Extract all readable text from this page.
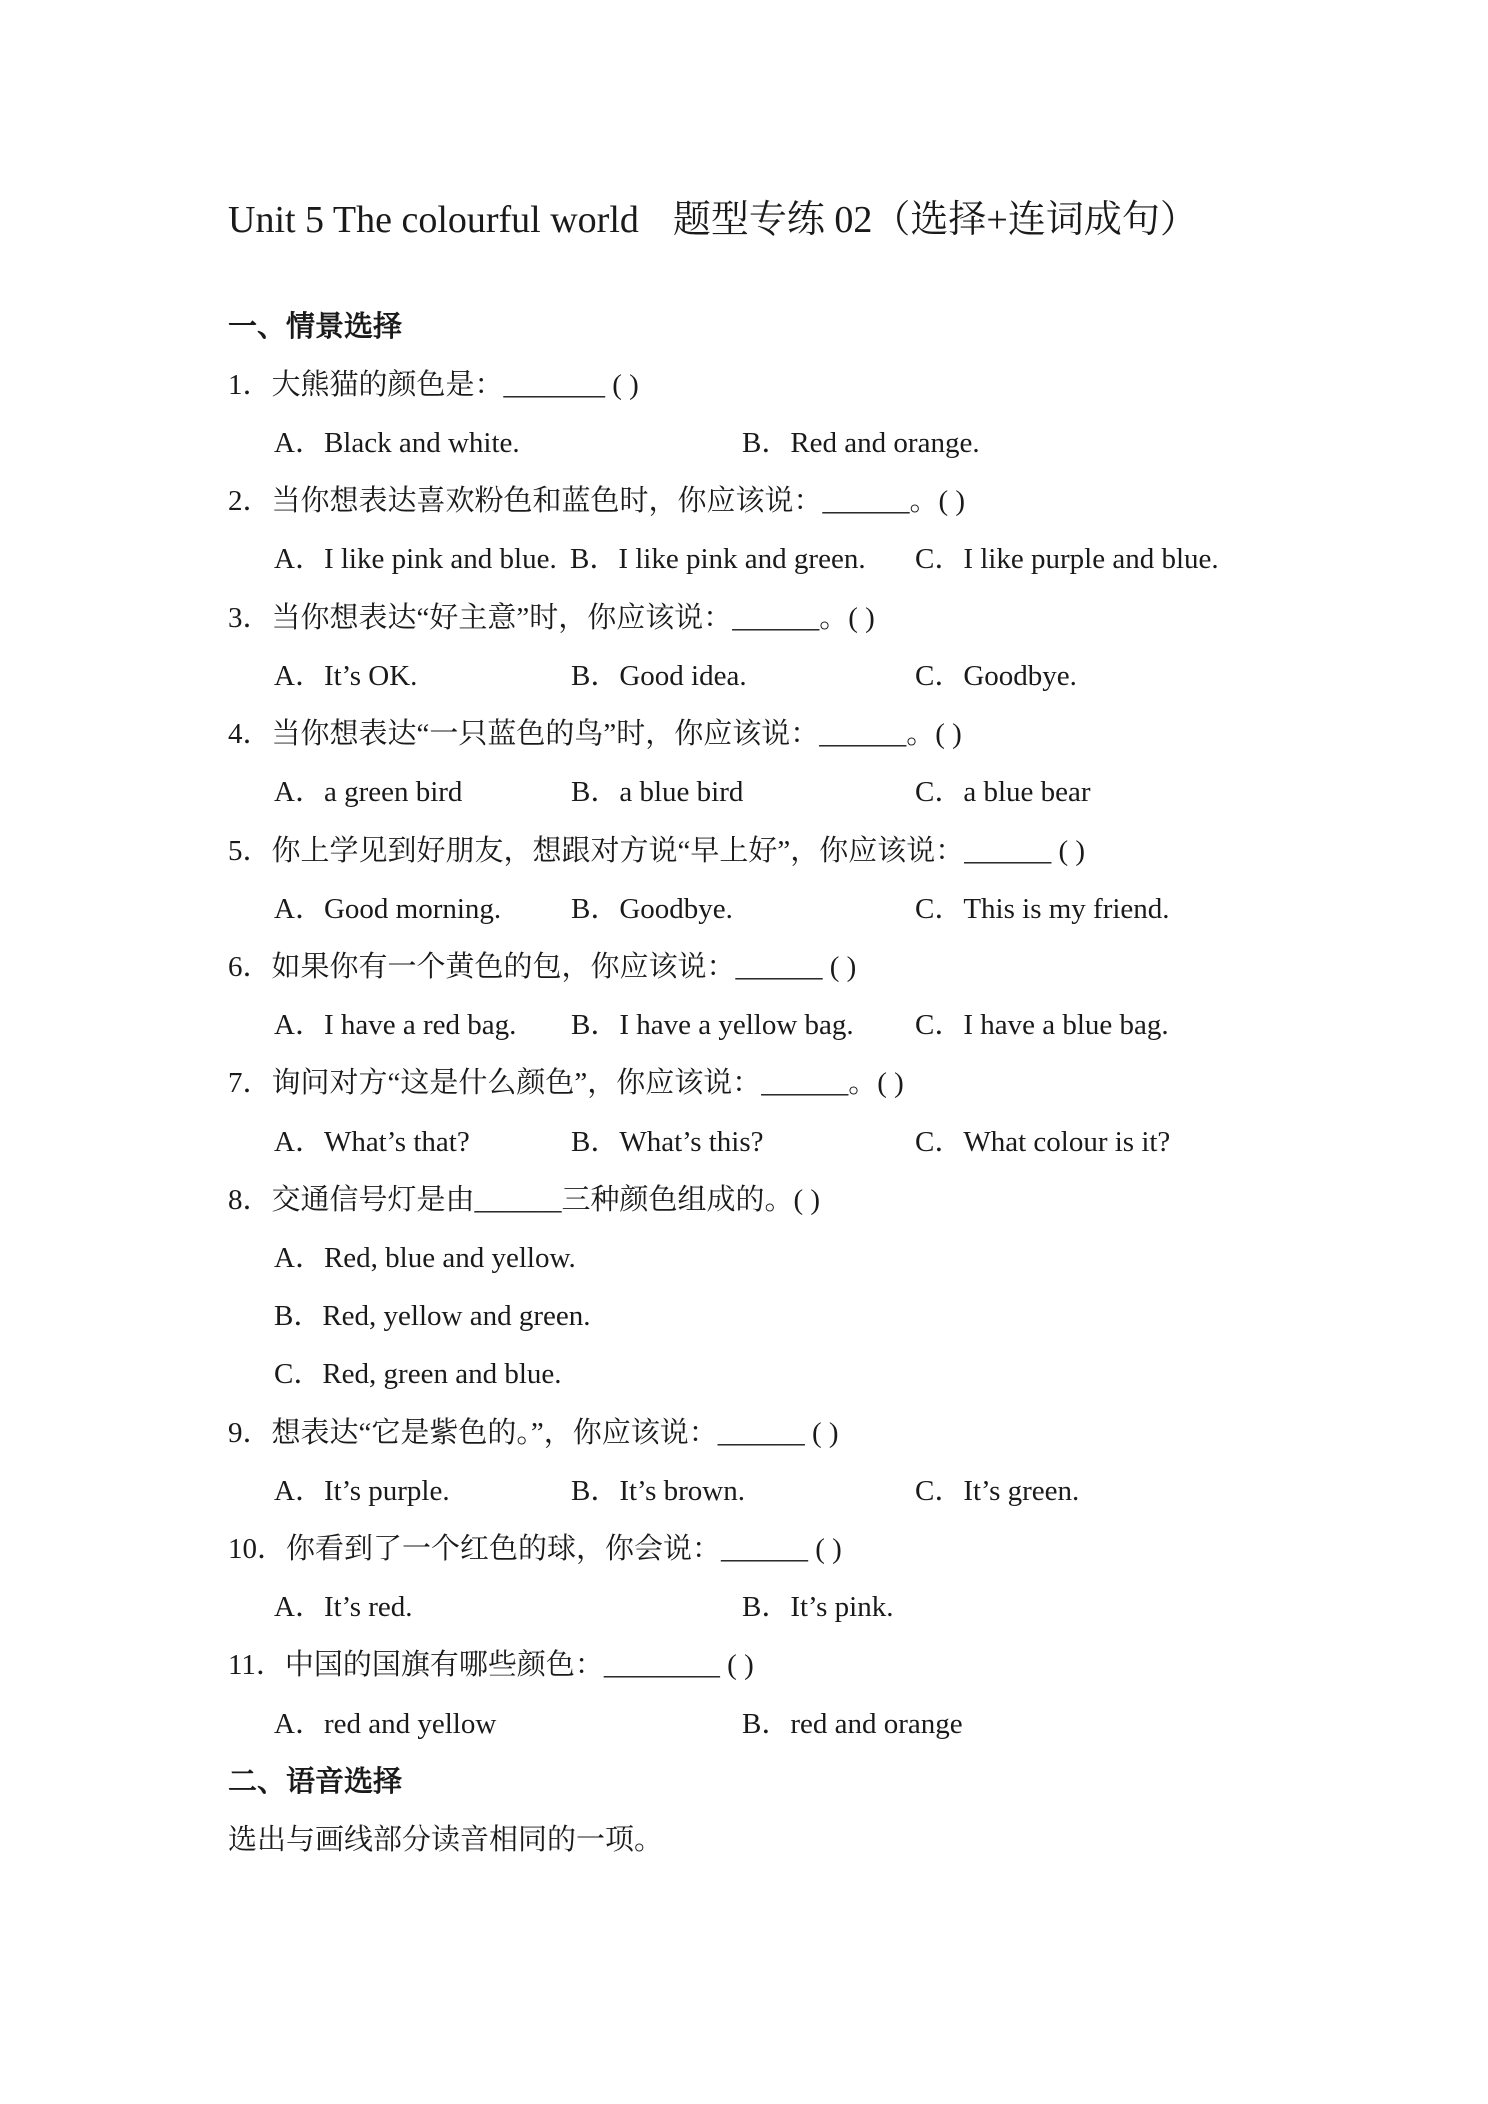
Unit 5 The colourful world 题型专练 02（选择+连词成句）
一、情景选择
1．大熊猫的颜色是：_______ ( )
A．Black and white.	B．Red and orange.
2．当你想表达喜欢粉色和蓝色时，你应该说：______。( )
A．I like pink and blue. B．I like pink and green. C．I like purple and blue.
3．当你想表达“好主意”时，你应该说：______。( )
A．It’s OK.	B．Good idea.	C．Goodbye.
4．当你想表达“一只蓝色的鸟”时，你应该说：______。( )
A．a green bird	B．a blue bird	C．a blue bear
5．你上学见到好朋友，想跟对方说“早上好”，你应该说：______ ( )
A．Good morning. B．Goodbye.	C．This is my friend.
6．如果你有一个黄色的包，你应该说：______ ( )
A．I have a red bag. B．I have a yellow bag. C．I have a blue bag.
7．询问对方“这是什么颜色”，你应该说：______。( )
A．What’s that?	B．What’s this?	C．What colour is it?
8．交通信号灯是由______三种颜色组成的。( )
A．Red, blue and yellow.
B．Red, yellow and green.
C．Red, green and blue.
9．想表达“它是紫色的。”，你应该说：______ ( )
A．It’s purple.	B．It’s brown.	C．It’s green.
10．你看到了一个红色的球，你会说：______ ( )
A．It’s red.	B．It’s pink.
11．中国的国旗有哪些颜色：________ ( )
A．red and yellow	B．red and orange
二、语音选择
选出与画线部分读音相同的一项。
